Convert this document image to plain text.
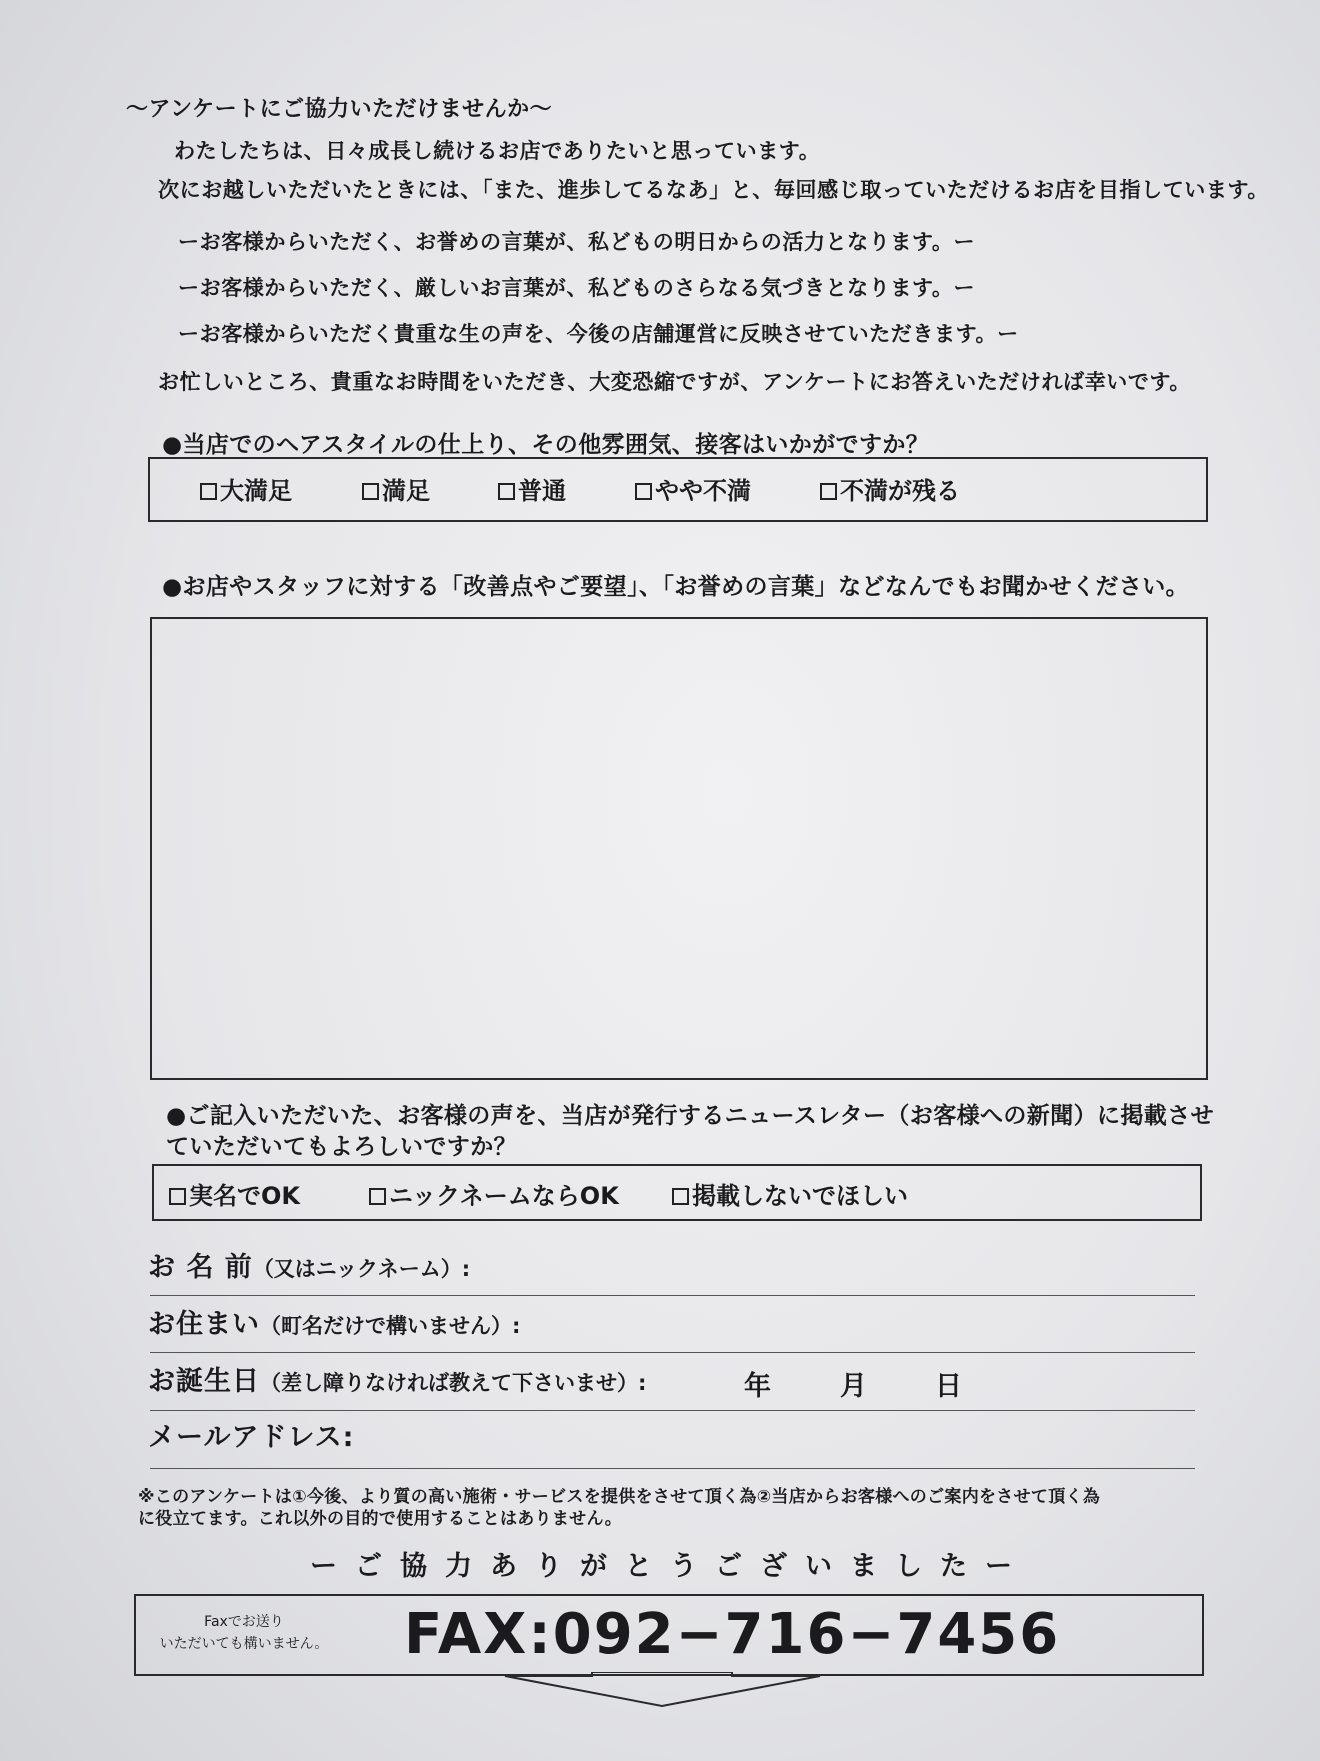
～アンケートにご協力いただけませんか～
わたしたちは、日々成長し続けるお店でありたいと思っています。
次にお越しいただいたときには、「また、進歩してるなあ」と、毎回感じ取っていただけるお店を目指しています。
ーお客様からいただく、お誉めの言葉が、私どもの明日からの活力となります。ー
ーお客様からいただく、厳しいお言葉が、私どものさらなる気づきとなります。ー
ーお客様からいただく貴重な生の声を、今後の店舗運営に反映させていただきます。ー
お忙しいところ、貴重なお時間をいただき、大変恐縮ですが、アンケートにお答えいただければ幸いです。
●当店でのヘアスタイルの仕上り、その他雰囲気、接客はいかがですか？
大満足	満足	普通	やや不満	不満が残る
●お店やスタッフに対する「改善点やご要望」、「お誉めの言葉」などなんでもお聞かせください。
●ご記入いただいた、お客様の声を、当店が発行するニュースレター（お客様への新聞）に掲載させ
ていただいてもよろしいですか？
実名でOK	ニックネームならOK	掲載しないでほしい
お 名 前（又はニックネーム）:
お住まい（町名だけで構いません）:
お誕生日（差し障りなければ教えて下さいませ）:	年	月 日
メールアドレス:
※このアンケートは①今後、より質の高い施術・サービスを提供をさせて頂く為②当店からお客様へのご案内をさせて頂く為
に役立てます。これ以外の目的で使用することはありません。
ーご協力ありがとうございましたー
Faxでお送り
いただいても構いません。 FAX:092−716−7456
